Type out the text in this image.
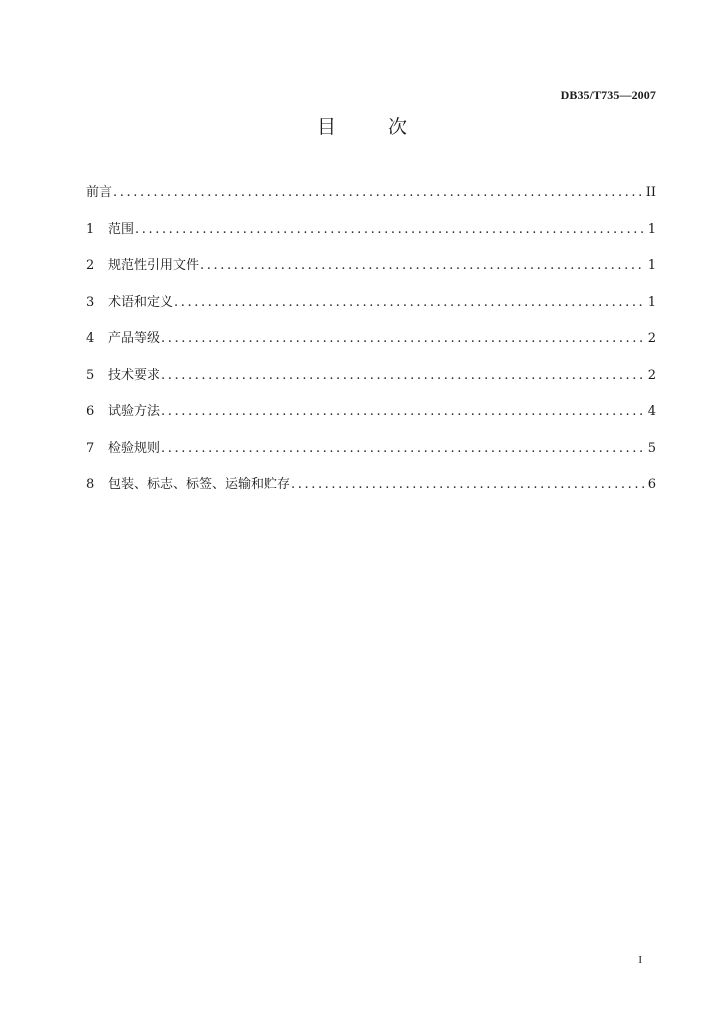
DB35/T735—2007
目	次
前言 .....	II
1	范围 .....	1
2	规范性引用文件 .....	1
3	术语和定义 .....	1
4	产品等级 .....	2
5	技术要求 .....	2
6	试验方法 .....	4
7	检验规则 .....	5
8	包装、标志、标签、运输和贮存 .....	6
I
